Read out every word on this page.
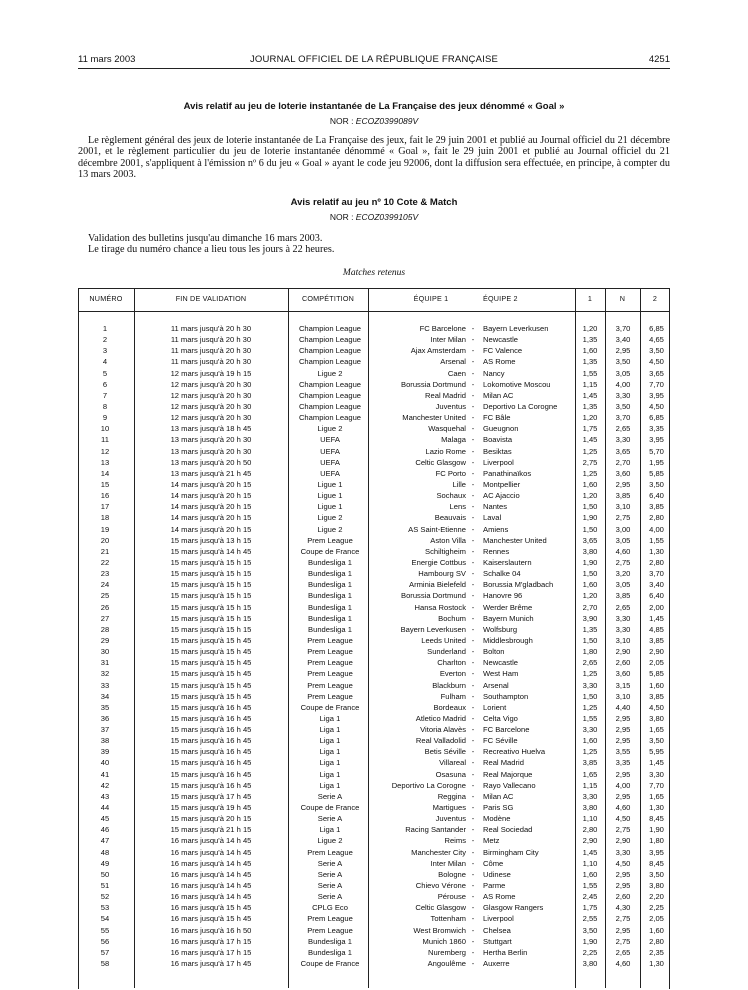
11 mars 2003	JOURNAL OFFICIEL DE LA RÉPUBLIQUE FRANÇAISE	4251
Avis relatif au jeu de loterie instantanée de La Française des jeux dénommé « Goal »
NOR : ECOZ0399089V
Le règlement général des jeux de loterie instantanée de La Française des jeux, fait le 29 juin 2001 et publié au Journal officiel du 21 décembre 2001, et le règlement particulier du jeu de loterie instantanée dénommé « Goal », fait le 29 juin 2001 et publié au Journal officiel du 21 décembre 2001, s'appliquent à l'émission nº 6 du jeu « Goal » ayant le code jeu 92006, dont la diffusion sera effectuée, en principe, à compter du 13 mars 2003.
Avis relatif au jeu nº 10 Cote & Match
NOR : ECOZ0399105V
Validation des bulletins jusqu'au dimanche 16 mars 2003.
Le tirage du numéro chance a lieu tous les jours à 22 heures.
Matches retenus
NUMÉRO	FIN DE VALIDATION	COMPÉTITION	ÉQUIPE 1	ÉQUIPE 2	1	N	2
1	11 mars jusqu'à 20 h 30	Champion League	FC Barcelone -	Bayern Leverkusen	1,20	3,70	6,85
2	11 mars jusqu'à 20 h 30	Champion League	Inter Milan -	Newcastle	1,35	3,40	4,65
3	11 mars jusqu'à 20 h 30	Champion League	Ajax Amsterdam -	FC Valence	1,60	2,95	3,50
4	11 mars jusqu'à 20 h 30	Champion League	Arsenal -	AS Rome	1,35	3,50	4,50
5	12 mars jusqu'à 19 h 15	Ligue 2	Caen -	Nancy	1,55	3,05	3,65
6	12 mars jusqu'à 20 h 30	Champion League	Borussia Dortmund -	Lokomotive Moscou	1,15	4,00	7,70
7	12 mars jusqu'à 20 h 30	Champion League	Real Madrid -	Milan AC	1,45	3,30	3,95
8	12 mars jusqu'à 20 h 30	Champion League	Juventus -	Deportivo La Corogne	1,35	3,50	4,50
9	12 mars jusqu'à 20 h 30	Champion League	Manchester United -	FC Bâle	1,20	3,70	6,85
10	13 mars jusqu'à 18 h 45	Ligue 2	Wasquehal -	Gueugnon	1,75	2,65	3,35
11	13 mars jusqu'à 20 h 30	UEFA	Malaga -	Boavista	1,45	3,30	3,95
12	13 mars jusqu'à 20 h 30	UEFA	Lazio Rome -	Besiktas	1,25	3,65	5,70
13	13 mars jusqu'à 20 h 50	UEFA	Celtic Glasgow -	Liverpool	2,75	2,70	1,95
14	13 mars jusqu'à 21 h 45	UEFA	FC Porto -	Panathinaïkos	1,25	3,60	5,85
15	14 mars jusqu'à 20 h 15	Ligue 1	Lille -	Montpellier	1,60	2,95	3,50
16	14 mars jusqu'à 20 h 15	Ligue 1	Sochaux -	AC Ajaccio	1,20	3,85	6,40
17	14 mars jusqu'à 20 h 15	Ligue 1	Lens -	Nantes	1,50	3,10	3,85
18	14 mars jusqu'à 20 h 15	Ligue 2	Beauvais -	Laval	1,90	2,75	2,80
19	14 mars jusqu'à 20 h 15	Ligue 2	AS Saint-Etienne -	Amiens	1,50	3,00	4,00
20	15 mars jusqu'à 13 h 15	Prem League	Aston Villa -	Manchester United	3,65	3,05	1,55
21	15 mars jusqu'à 14 h 45	Coupe de France	Schiltigheim -	Rennes	3,80	4,60	1,30
22	15 mars jusqu'à 15 h 15	Bundesliga 1	Energie Cottbus -	Kaiserslautern	1,90	2,75	2,80
23	15 mars jusqu'à 15 h 15	Bundesliga 1	Hambourg SV -	Schalke 04	1,50	3,20	3,70
24	15 mars jusqu'à 15 h 15	Bundesliga 1	Arminia Bielefeld -	Borussia M'gladbach	1,60	3,05	3,40
25	15 mars jusqu'à 15 h 15	Bundesliga 1	Borussia Dortmund -	Hanovre 96	1,20	3,85	6,40
26	15 mars jusqu'à 15 h 15	Bundesliga 1	Hansa Rostock -	Werder Brême	2,70	2,65	2,00
27	15 mars jusqu'à 15 h 15	Bundesliga 1	Bochum -	Bayern Munich	3,90	3,30	1,45
28	15 mars jusqu'à 15 h 15	Bundesliga 1	Bayern Leverkusen -	Wolfsburg	1,35	3,30	4,85
29	15 mars jusqu'à 15 h 45	Prem League	Leeds United -	Middlesbrough	1,50	3,10	3,85
30	15 mars jusqu'à 15 h 45	Prem League	Sunderland -	Bolton	1,80	2,90	2,90
31	15 mars jusqu'à 15 h 45	Prem League	Charlton -	Newcastle	2,65	2,60	2,05
32	15 mars jusqu'à 15 h 45	Prem League	Everton -	West Ham	1,25	3,60	5,85
33	15 mars jusqu'à 15 h 45	Prem League	Blackburn -	Arsenal	3,30	3,15	1,60
34	15 mars jusqu'à 15 h 45	Prem League	Fulham -	Southampton	1,50	3,10	3,85
35	15 mars jusqu'à 16 h 45	Coupe de France	Bordeaux -	Lorient	1,25	4,40	4,50
36	15 mars jusqu'à 16 h 45	Liga 1	Atletico Madrid -	Celta Vigo	1,55	2,95	3,80
37	15 mars jusqu'à 16 h 45	Liga 1	Vitoria Alavès -	FC Barcelone	3,30	2,95	1,65
38	15 mars jusqu'à 16 h 45	Liga 1	Real Valladolid -	FC Séville	1,60	2,95	3,50
39	15 mars jusqu'à 16 h 45	Liga 1	Betis Séville -	Recreativo Huelva	1,25	3,55	5,95
40	15 mars jusqu'à 16 h 45	Liga 1	Villareal -	Real Madrid	3,85	3,35	1,45
41	15 mars jusqu'à 16 h 45	Liga 1	Osasuna -	Real Majorque	1,65	2,95	3,30
42	15 mars jusqu'à 16 h 45	Liga 1	Deportivo La Corogne -	Rayo Vallecano	1,15	4,00	7,70
43	15 mars jusqu'à 17 h 45	Serie A	Reggina -	Milan AC	3,30	2,95	1,65
44	15 mars jusqu'à 19 h 45	Coupe de France	Martigues -	Paris SG	3,80	4,60	1,30
45	15 mars jusqu'à 20 h 15	Serie A	Juventus -	Modène	1,10	4,50	8,45
46	15 mars jusqu'à 21 h 15	Liga 1	Racing Santander -	Real Sociedad	2,80	2,75	1,90
47	16 mars jusqu'à 14 h 45	Ligue 2	Reims -	Metz	2,90	2,90	1,80
48	16 mars jusqu'à 14 h 45	Prem League	Manchester City -	Birmingham City	1,45	3,30	3,95
49	16 mars jusqu'à 14 h 45	Serie A	Inter Milan -	Côme	1,10	4,50	8,45
50	16 mars jusqu'à 14 h 45	Serie A	Bologne -	Udinese	1,60	2,95	3,50
51	16 mars jusqu'à 14 h 45	Serie A	Chievo Vérone -	Parme	1,55	2,95	3,80
52	16 mars jusqu'à 14 h 45	Serie A	Pérouse -	AS Rome	2,45	2,60	2,20
53	16 mars jusqu'à 15 h 45	CPLG Eco	Celtic Glasgow -	Glasgow Rangers	1,75	4,30	2,25
54	16 mars jusqu'à 15 h 45	Prem League	Tottenham -	Liverpool	2,55	2,75	2,05
55	16 mars jusqu'à 16 h 50	Prem League	West Bromwich -	Chelsea	3,50	2,95	1,60
56	16 mars jusqu'à 17 h 15	Bundesliga 1	Munich 1860 -	Stuttgart	1,90	2,75	2,80
57	16 mars jusqu'à 17 h 15	Bundesliga 1	Nuremberg -	Hertha Berlin	2,25	2,65	2,35
58	16 mars jusqu'à 17 h 45	Coupe de France	Angoulême -	Auxerre	3,80	4,60	1,30
